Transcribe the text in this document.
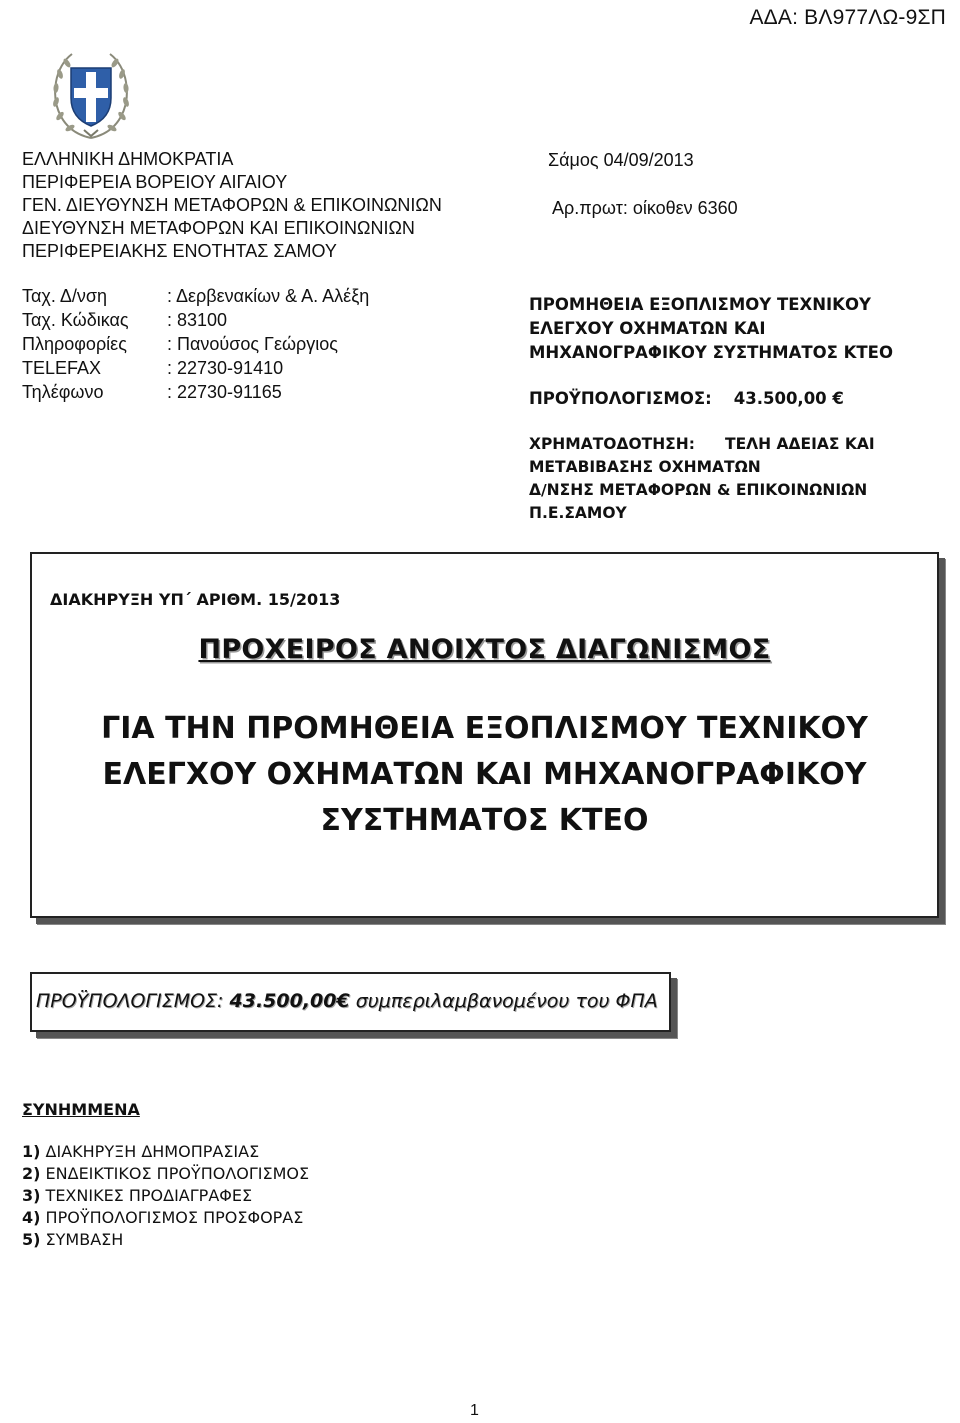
ΑΔΑ: ΒΛ977ΛΩ-9ΣΠ
ΕΛΛΗΝΙΚΗ ΔΗΜΟΚΡΑΤΙΑ
ΠΕΡΙΦΕΡΕΙΑ ΒΟΡΕΙΟΥ ΑΙΓΑΙΟΥ
ΓΕΝ. ΔΙΕΥΘΥΝΣΗ ΜΕΤΑΦΟΡΩΝ & ΕΠΙΚΟΙΝΩΝΙΩΝ
ΔΙΕΥΘΥΝΣΗ ΜΕΤΑΦΟΡΩΝ ΚΑΙ ΕΠΙΚΟΙΝΩΝΙΩΝ
ΠΕΡΙΦΕΡΕΙΑΚΗΣ ΕΝΟΤΗΤΑΣ ΣΑΜΟΥ
Σάμος 04/09/2013
Αρ.πρωτ: οίκοθεν 6360
Ταχ. Δ/νση	: Δερβενακίων & Α. Αλέξη
Ταχ. Κώδικας : 83100
Πληροφορίες : Πανούσος Γεώργιος
TELEFAX	: 22730-91410
Τηλέφωνο	: 22730-91165
ΠΡΟΜΗΘΕΙΑ ΕΞΟΠΛΙΣΜΟΥ ΤΕΧΝΙΚΟΥ
ΕΛΕΓΧΟΥ ΟΧΗΜΑΤΩΝ ΚΑΙ
ΜΗΧΑΝΟΓΡΑΦΙΚΟΥ ΣΥΣΤΗΜΑΤΟΣ ΚΤΕΟ
ΠΡΟΫΠΟΛΟΓΙΣΜΟΣ: 43.500,00 €
ΧΡΗΜΑΤΟΔΟΤΗΣΗ: ΤΕΛΗ ΑΔΕΙΑΣ ΚΑΙ
ΜΕΤΑΒΙΒΑΣΗΣ ΟΧΗΜΑΤΩΝ
Δ/ΝΣΗΣ ΜΕΤΑΦΟΡΩΝ & ΕΠΙΚΟΙΝΩΝΙΩΝ
Π.Ε.ΣΑΜΟΥ
ΔΙΑΚΗΡΥΞΗ ΥΠ΄ ΑΡΙΘΜ. 15/2013
ΠΡΟΧΕΙΡΟΣ ΑΝΟΙΧΤΟΣ ΔΙΑΓΩΝΙΣΜΟΣ
ΓΙΑ ΤΗΝ ΠΡΟΜΗΘΕΙΑ ΕΞΟΠΛΙΣΜΟΥ ΤΕΧΝΙΚΟΥ
ΕΛΕΓΧΟΥ ΟΧΗΜΑΤΩΝ ΚΑΙ ΜΗΧΑΝΟΓΡΑΦΙΚΟΥ
ΣΥΣΤΗΜΑΤΟΣ ΚΤΕΟ
ΠΡΟΫΠΟΛΟΓΙΣΜΟΣ: 43.500,00€ συμπεριλαμβανομένου του ΦΠΑ
ΣΥΝΗΜΜΕΝΑ
1) ΔΙΑΚΗΡΥΞΗ ΔΗΜΟΠΡΑΣΙΑΣ
2) ΕΝΔΕΙΚΤΙΚΟΣ ΠΡΟΫΠΟΛΟΓΙΣΜΟΣ
3) ΤΕΧΝΙΚΕΣ ΠΡΟΔΙΑΓΡΑΦΕΣ
4) ΠΡΟΫΠΟΛΟΓΙΣΜΟΣ ΠΡΟΣΦΟΡΑΣ
5) ΣΥΜΒΑΣΗ
1
